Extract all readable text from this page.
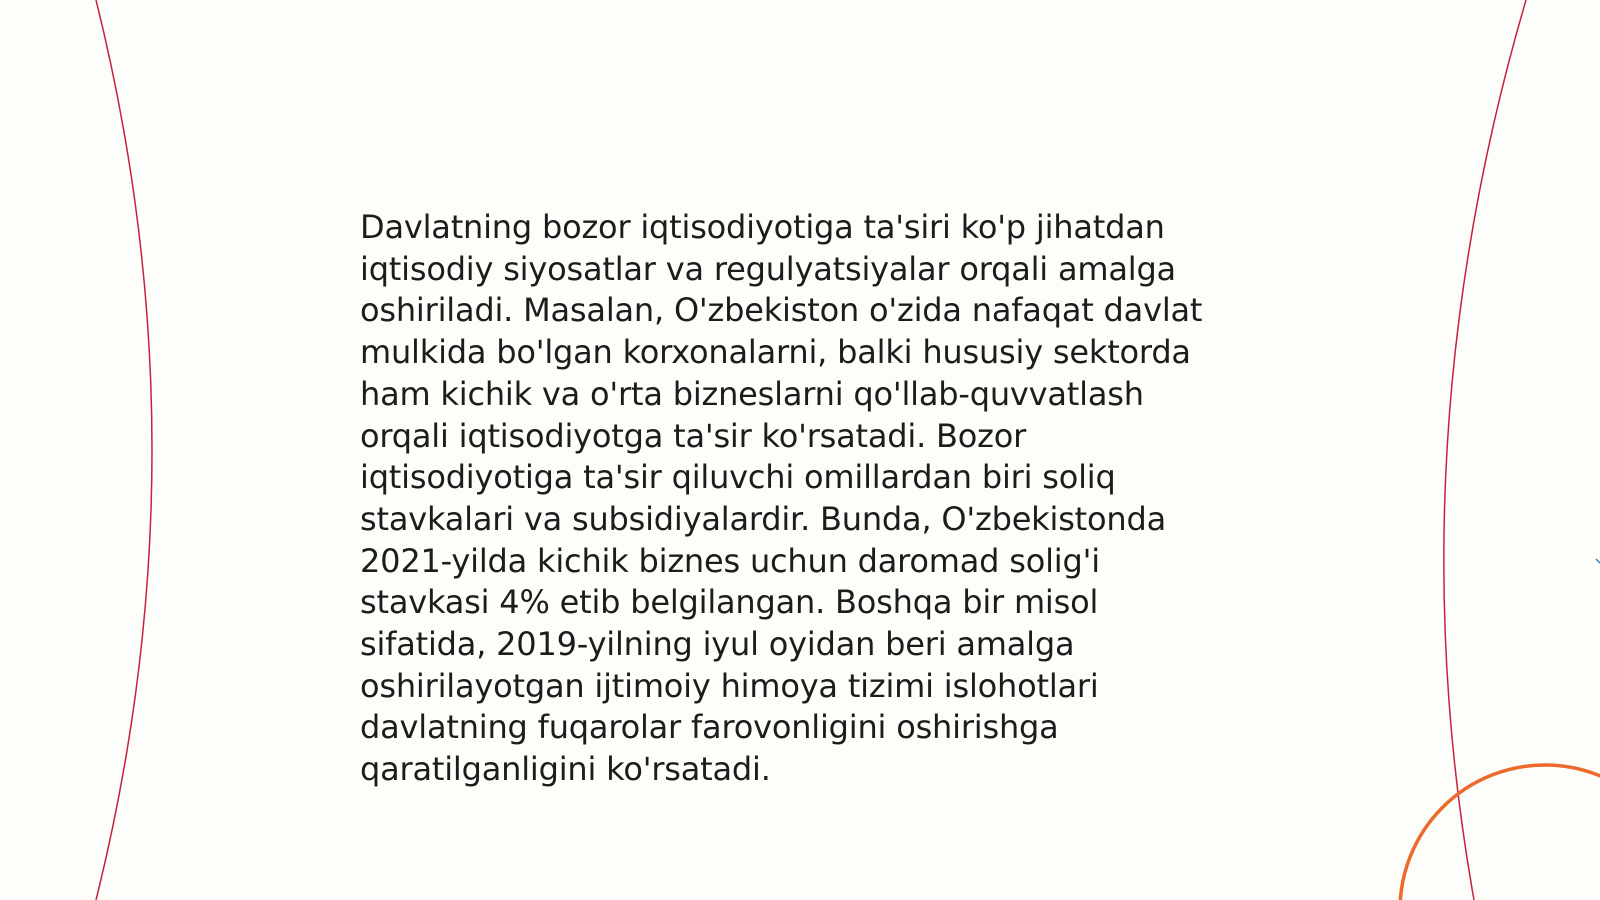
Davlatning bozor iqtisodiyotiga ta'siri ko'p jihatdan
iqtisodiy siyosatlar va regulyatsiyalar orqali amalga
oshiriladi. Masalan, O'zbekiston o'zida nafaqat davlat
mulkida bo'lgan korxonalarni, balki hususiy sektorda
ham kichik va o'rta bizneslarni qo'llab-quvvatlash
orqali iqtisodiyotga ta'sir ko'rsatadi. Bozor
iqtisodiyotiga ta'sir qiluvchi omillardan biri soliq
stavkalari va subsidiyalardir. Bunda, O'zbekistonda
2021-yilda kichik biznes uchun daromad solig'i
stavkasi 4% etib belgilangan. Boshqa bir misol
sifatida, 2019-yilning iyul oyidan beri amalga
oshirilayotgan ijtimoiy himoya tizimi islohotlari
davlatning fuqarolar farovonligini oshirishga
qaratilganligini ko'rsatadi.
